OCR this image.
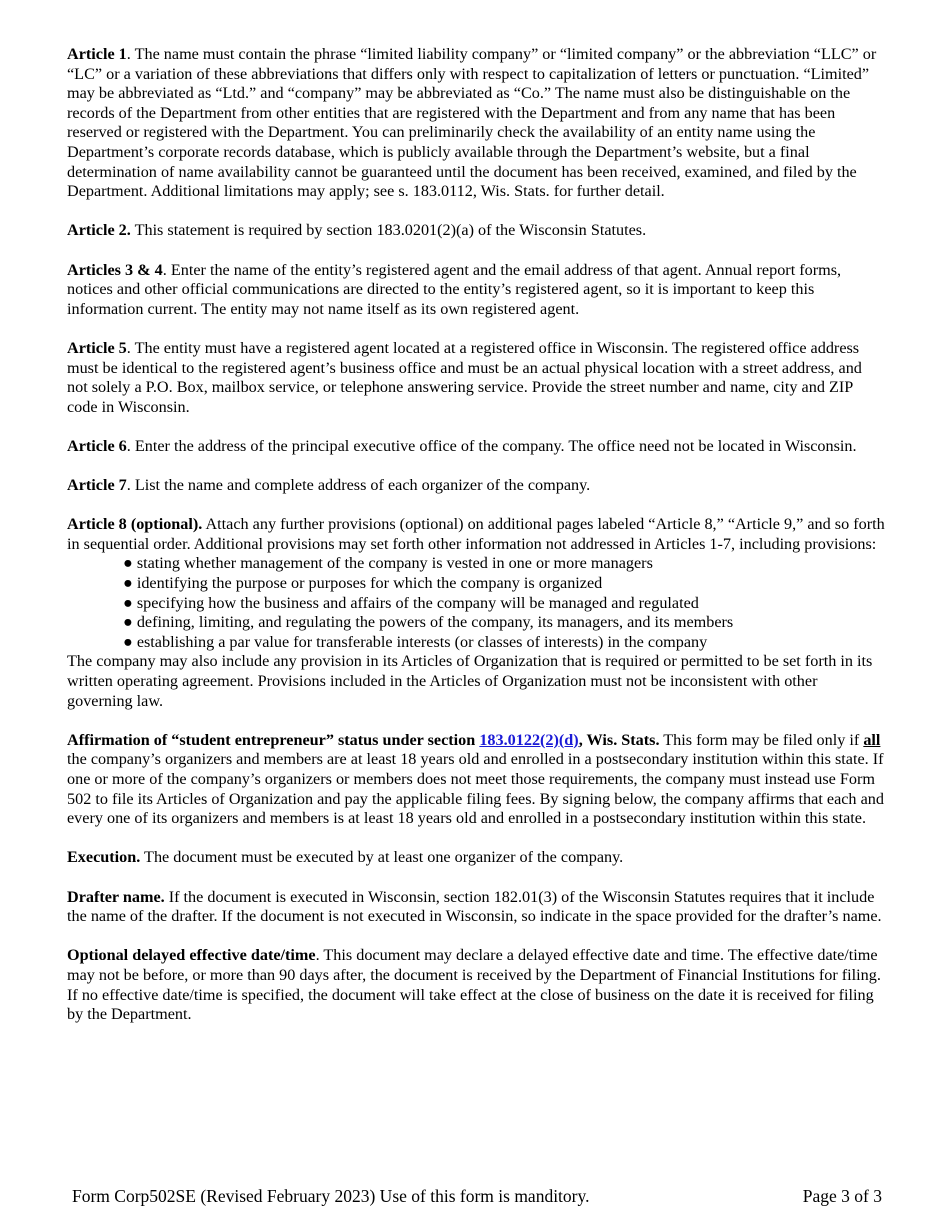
Article 1. The name must contain the phrase “limited liability company” or “limited company” or the abbreviation “LLC” or “LC” or a variation of these abbreviations that differs only with respect to capitalization of letters or punctuation. “Limited” may be abbreviated as “Ltd.” and “company” may be abbreviated as “Co.” The name must also be distinguishable on the records of the Department from other entities that are registered with the Department and from any name that has been reserved or registered with the Department. You can preliminarily check the availability of an entity name using the Department’s corporate records database, which is publicly available through the Department’s website, but a final determination of name availability cannot be guaranteed until the document has been received, examined, and filed by the Department. Additional limitations may apply; see s. 183.0112, Wis. Stats. for further detail.

Article 2. This statement is required by section 183.0201(2)(a) of the Wisconsin Statutes.

Articles 3 & 4. Enter the name of the entity’s registered agent and the email address of that agent. Annual report forms, notices and other official communications are directed to the entity’s registered agent, so it is important to keep this information current. The entity may not name itself as its own registered agent.

Article 5. The entity must have a registered agent located at a registered office in Wisconsin. The registered office address must be identical to the registered agent’s business office and must be an actual physical location with a street address, and not solely a P.O. Box, mailbox service, or telephone answering service. Provide the street number and name, city and ZIP code in Wisconsin.

Article 6. Enter the address of the principal executive office of the company. The office need not be located in Wisconsin.

Article 7. List the name and complete address of each organizer of the company.

Article 8 (optional). Attach any further provisions (optional) on additional pages labeled “Article 8,” “Article 9,” and so forth in sequential order. Additional provisions may set forth other information not addressed in Articles 1-7, including provisions:

● stating whether management of the company is vested in one or more managers
● identifying the purpose or purposes for which the company is organized
● specifying how the business and affairs of the company will be managed and regulated
● defining, limiting, and regulating the powers of the company, its managers, and its members
● establishing a par value for transferable interests (or classes of interests) in the company

The company may also include any provision in its Articles of Organization that is required or permitted to be set forth in its written operating agreement. Provisions included in the Articles of Organization must not be inconsistent with other governing law.

Affirmation of “student entrepreneur” status under section 183.0122(2)(d), Wis. Stats. This form may be filed only if all the company’s organizers and members are at least 18 years old and enrolled in a postsecondary institution within this state. If one or more of the company’s organizers or members does not meet those requirements, the company must instead use Form 502 to file its Articles of Organization and pay the applicable filing fees. By signing below, the company affirms that each and every one of its organizers and members is at least 18 years old and enrolled in a postsecondary institution within this state.

Execution. The document must be executed by at least one organizer of the company.

Drafter name. If the document is executed in Wisconsin, section 182.01(3) of the Wisconsin Statutes requires that it include the name of the drafter. If the document is not executed in Wisconsin, so indicate in the space provided for the drafter’s name.

Optional delayed effective date/time. This document may declare a delayed effective date and time. The effective date/time may not be before, or more than 90 days after, the document is received by the Department of Financial Institutions for filing. If no effective date/time is specified, the document will take effect at the close of business on the date it is received for filing by the Department.

Form Corp502SE (Revised February 2023) Use of this form is manditory.	Page 3 of 3
